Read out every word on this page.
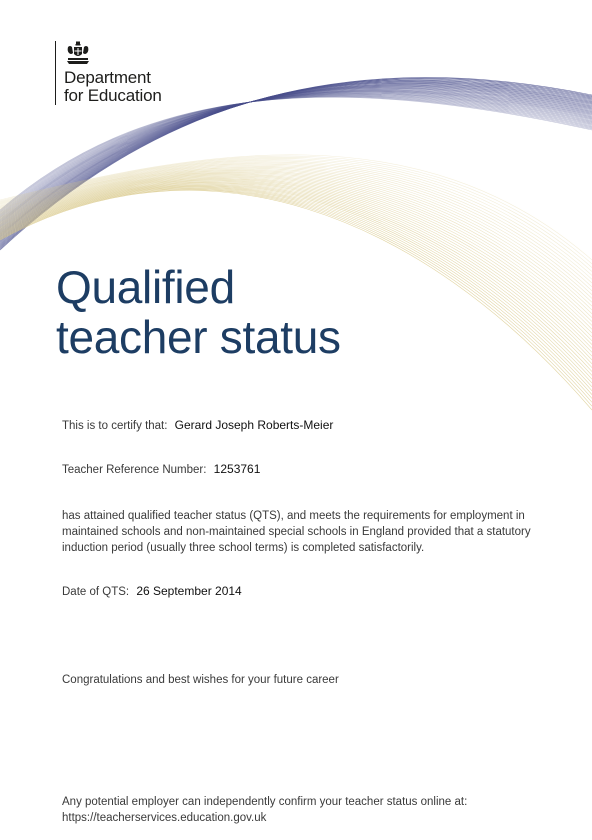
Department
for Education
Qualified
teacher status
This is to certify that: Gerard Joseph Roberts-Meier
Teacher Reference Number: 1253761
has attained qualified teacher status (QTS), and meets the requirements for employment in
maintained schools and non-maintained special schools in England provided that a statutory
induction period (usually three school terms) is completed satisfactorily.
Date of QTS: 26 September 2014
Congratulations and best wishes for your future career
Any potential employer can independently confirm your teacher status online at:
https://teacherservices.education.gov.uk
